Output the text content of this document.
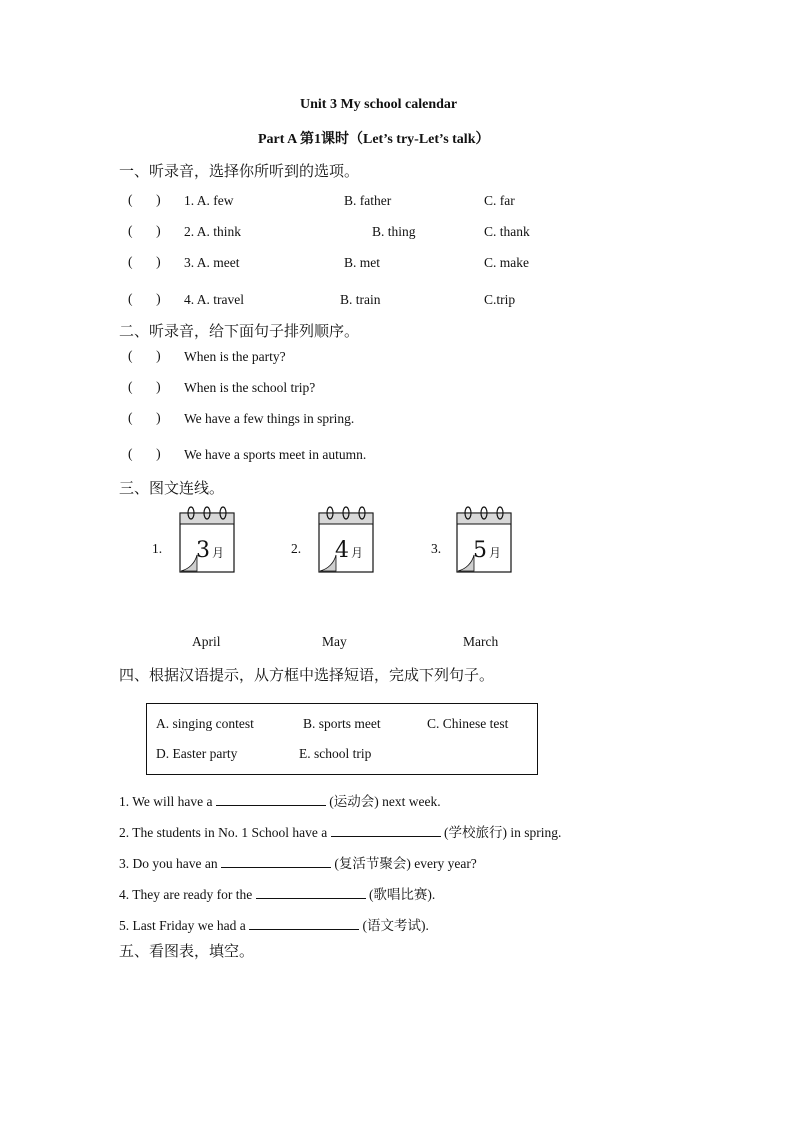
Unit 3 My school calendar
Part A 第1课时（Let’s try-Let’s talk）
一、听录音，选择你所听到的选项。
(       ) 1. A. few	B. father	C. far
(       ) 2. A. think	B. thing	C. thank
(       ) 3. A. meet	B. met	C. make
(       ) 4. A. travel	B. train	C.trip
二、听录音，给下面句子排列顺序。
(       ) When is the party?
(       ) When is the school trip?
(       ) We have a few things in spring.
(       ) We have a sports meet in autumn.
三、图文连线。
1. 3 月	2. 4 月	3. 5 月
April	May	March
四、根据汉语提示，从方框中选择短语，完成下列句子。
A. singing contest	B. sports meet	C. Chinese test
D. Easter party	E. school trip
1. We will have a	(运动会) next week.
2. The students in No. 1 School have a	(学校旅行) in spring.
3. Do you have an	(复活节聚会) every year?
4. They are ready for the	(歌唱比赛).
5. Last Friday we had a	(语文考试).
五、看图表，填空。
